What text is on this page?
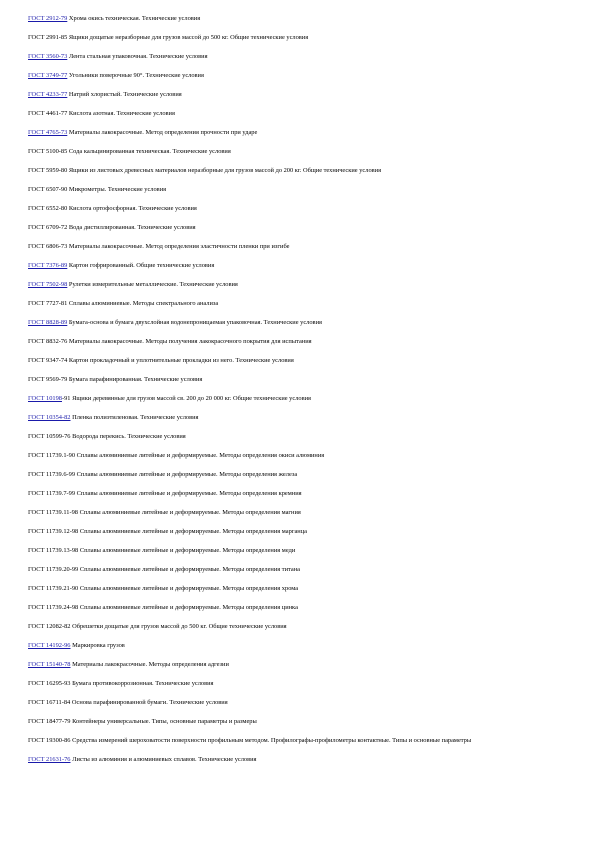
ГОСТ 2912-79 Хрома окись техническая. Технические условия
ГОСТ 2991-85 Ящики дощатые неразборные для грузов массой до 500 кг. Общие технические условия
ГОСТ 3560-73 Лента стальная упаковочная. Технические условия
ГОСТ 3749-77 Угольники поверочные 90°. Технические условия
ГОСТ 4233-77 Натрий хлористый. Технические условия
ГОСТ 4461-77 Кислота азотная. Технические условия
ГОСТ 4765-73 Материалы лакокрасочные. Метод определения прочности при ударе
ГОСТ 5100-85 Сода кальцинированная техническая. Технические условия
ГОСТ 5959-80 Ящики из листовых древесных материалов неразборные для грузов массой до 200 кг. Общие технические условия
ГОСТ 6507-90 Микрометры. Технические условия
ГОСТ 6552-80 Кислота ортофосфорная. Технические условия
ГОСТ 6709-72 Вода дистиллированная. Технические условия
ГОСТ 6806-73 Материалы лакокрасочные. Метод определения эластичности пленки при изгибе
ГОСТ 7376-89 Картон гофрированный. Общие технические условия
ГОСТ 7502-98 Рулетки измерительные металлические. Технические условия
ГОСТ 7727-81 Сплавы алюминиевые. Методы спектрального анализа
ГОСТ 8828-89 Бумага-основа и бумага двухслойная водонепроницаемая упаковочная. Технические условия
ГОСТ 8832-76 Материалы лакокрасочные. Методы получения лакокрасочного покрытия для испытания
ГОСТ 9347-74 Картон прокладочный и уплотнительные прокладки из него. Технические условия
ГОСТ 9569-79 Бумага парафинированная. Технические условия
ГОСТ 10198-91 Ящики деревянные для грузов массой св. 200 до 20 000 кг. Общие технические условия
ГОСТ 10354-82 Пленка полиэтиленовая. Технические условия
ГОСТ 10599-76 Водорода перекись. Технические условия
ГОСТ 11739.1-90 Сплавы алюминиевые литейные и деформируемые. Методы определения окиси алюминия
ГОСТ 11739.6-99 Сплавы алюминиевые литейные и деформируемые. Методы определения железа
ГОСТ 11739.7-99 Сплавы алюминиевые литейные и деформируемые. Методы определения кремния
ГОСТ 11739.11-98 Сплавы алюминиевые литейные и деформируемые. Методы определения магния
ГОСТ 11739.12-98 Сплавы алюминиевые литейные и деформируемые. Методы определения марганца
ГОСТ 11739.13-98 Сплавы алюминиевые литейные и деформируемые. Методы определения меди
ГОСТ 11739.20-99 Сплавы алюминиевые литейные и деформируемые. Методы определения титана
ГОСТ 11739.21-90 Сплавы алюминиевые литейные и деформируемые. Методы определения хрома
ГОСТ 11739.24-98 Сплавы алюминиевые литейные и деформируемые. Методы определения цинка
ГОСТ 12082-82 Обрешетки дощатые для грузов массой до 500 кг. Общие технические условия
ГОСТ 14192-96 Маркировка грузов
ГОСТ 15140-78 Материалы лакокрасочные. Методы определения адгезии
ГОСТ 16295-93 Бумага противокоррозионная. Технические условия
ГОСТ 16711-84 Основа парафинированной бумаги. Технические условия
ГОСТ 18477-79 Контейнеры универсальные. Типы, основные параметры и размеры
ГОСТ 19300-86 Средства измерений шероховатости поверхности профильным методом. Профилографы-профилометры контактные. Типы и основные параметры
ГОСТ 21631-76 Листы из алюминия и алюминиевых сплавов. Технические условия
